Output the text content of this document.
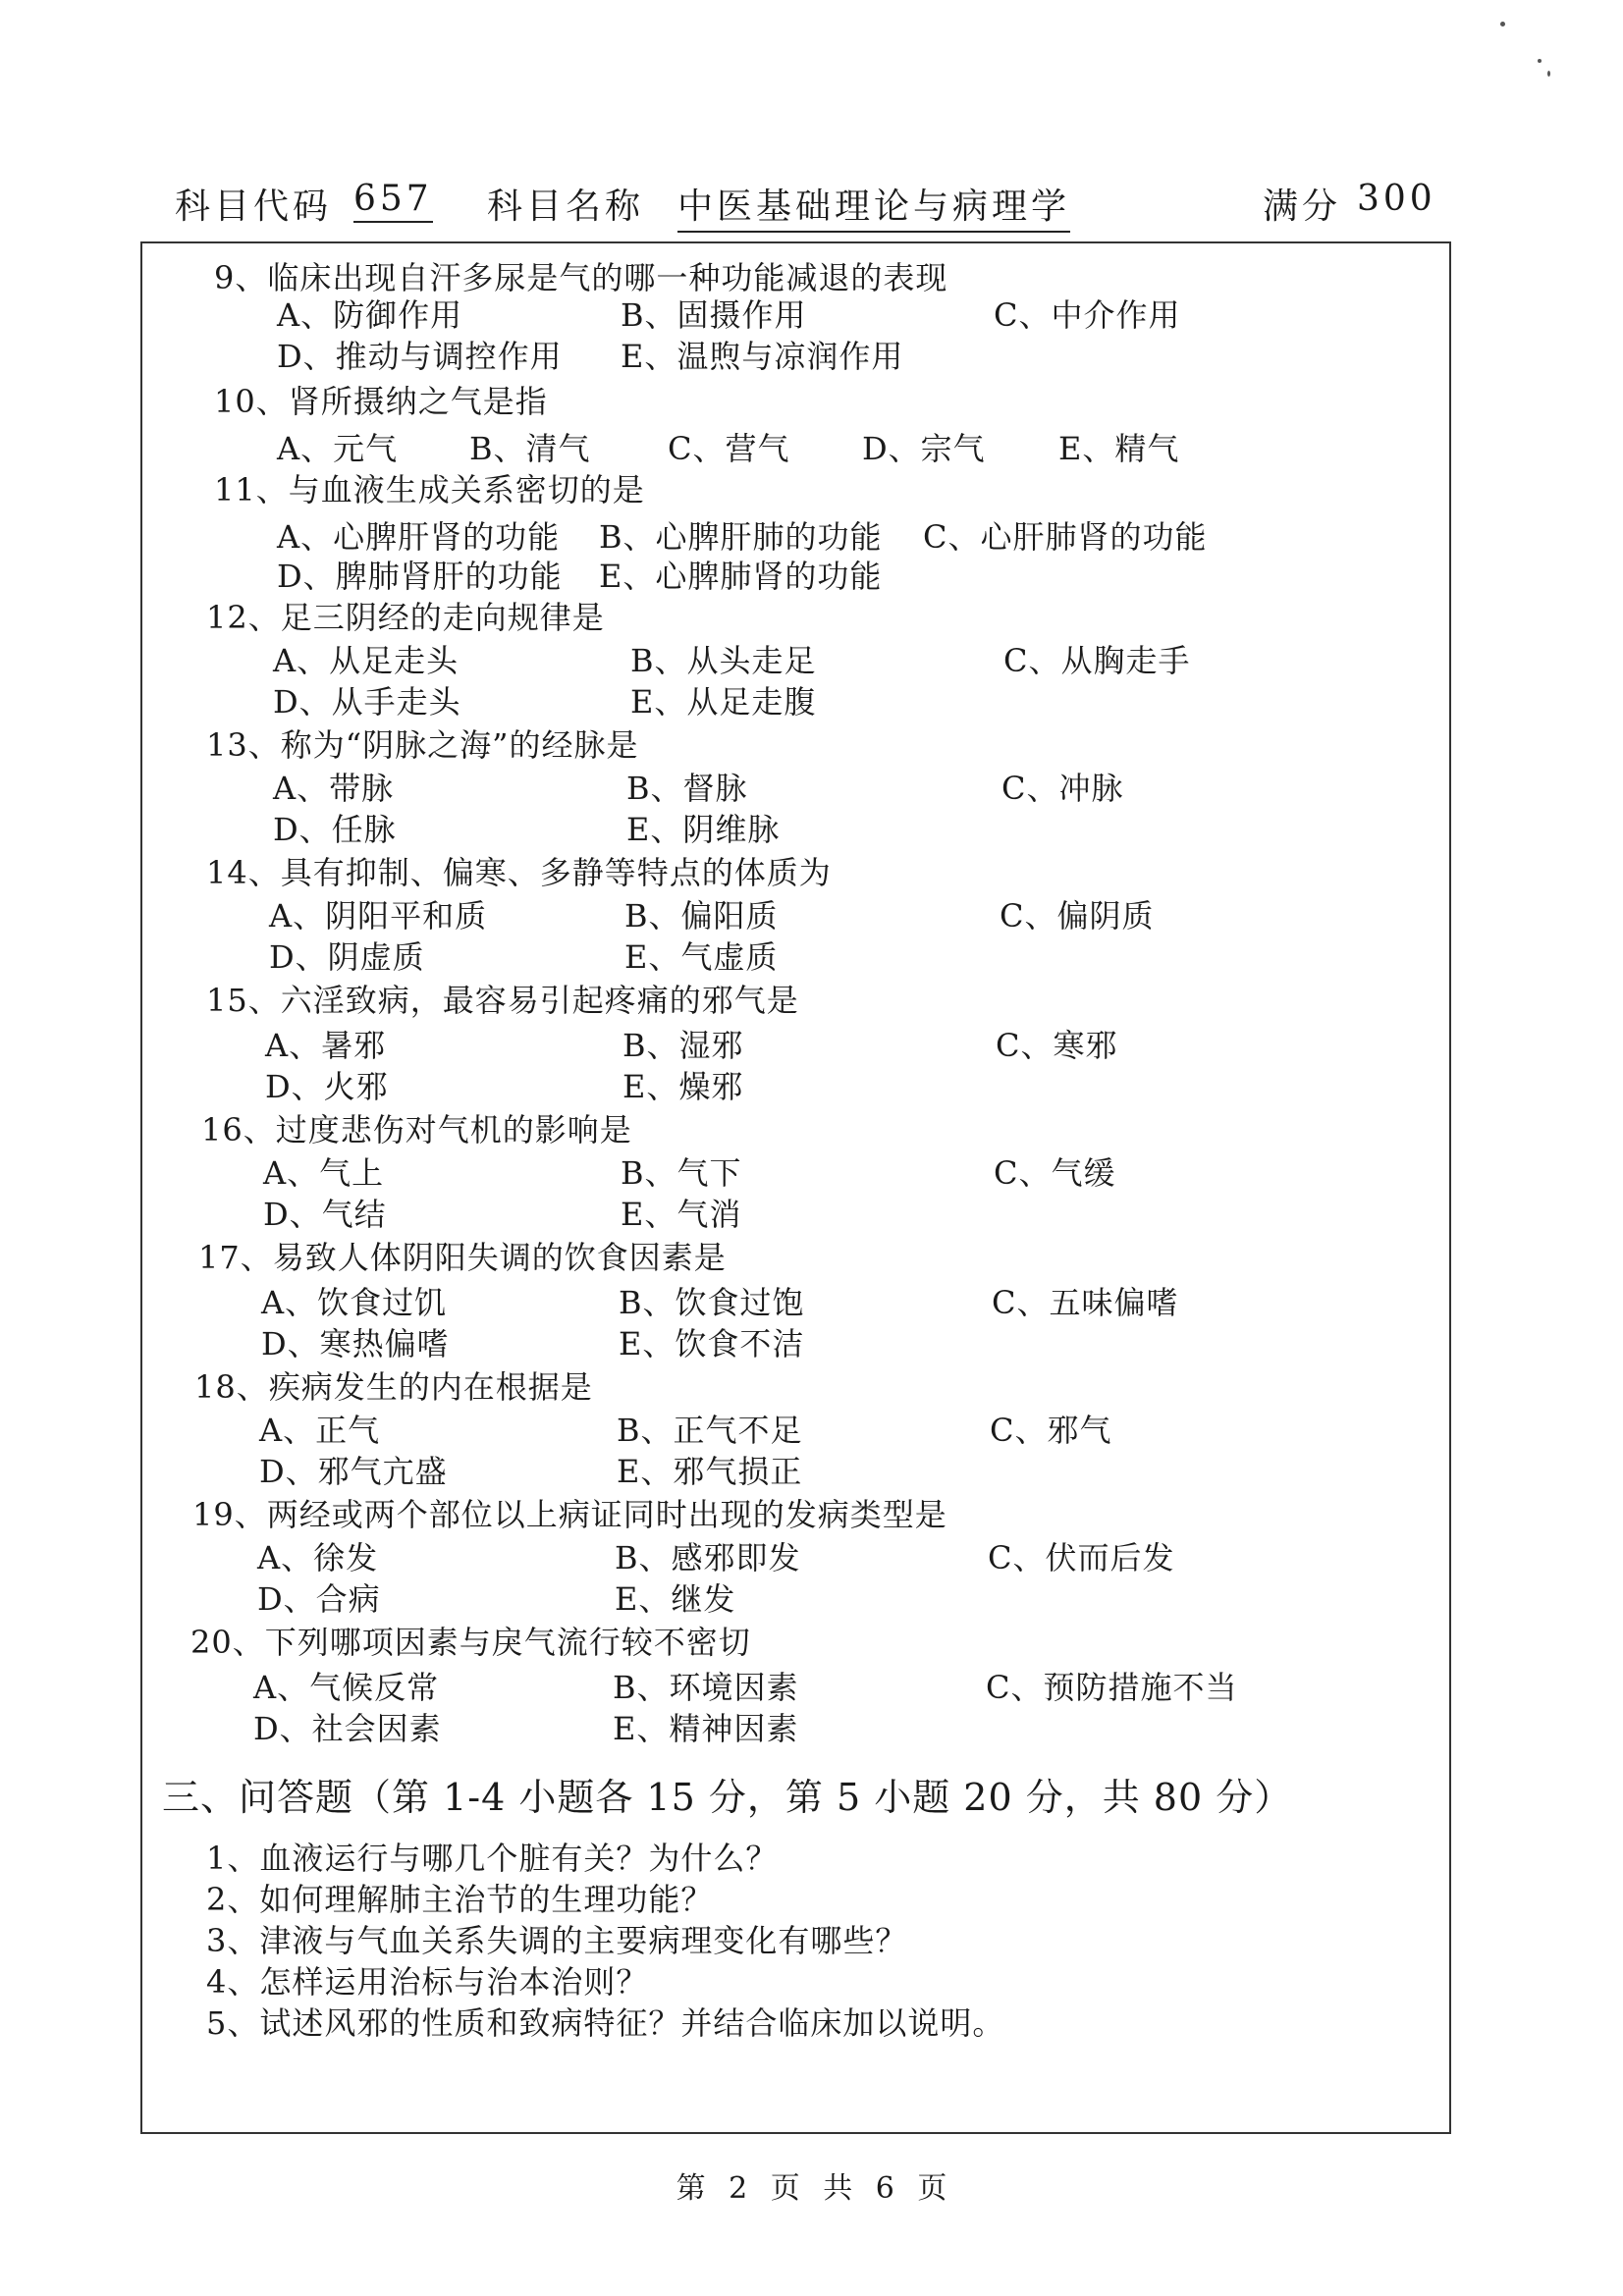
科目代码 657 科目名称 中医基础理论与病理学	满分 300
9、临床出现自汗多尿是气的哪一种功能减退的表现
A、防御作用	B、固摄作用	C、中介作用
D、推动与调控作用 E、温煦与凉润作用
10、肾所摄纳之气是指
A、元气 B、清气 C、营气 D、宗气 E、精气
11、与血液生成关系密切的是
A、心脾肝肾的功能 B、心脾肝肺的功能 C、心肝肺肾的功能
D、脾肺肾肝的功能 E、心脾肺肾的功能
12、足三阴经的走向规律是
A、从足走头	B、从头走足	C、从胸走手
D、从手走头	E、从足走腹
13、称为“阴脉之海”的经脉是
A、带脉	B、督脉	C、冲脉
D、任脉	E、阴维脉
14、具有抑制、偏寒、多静等特点的体质为
A、阴阳平和质	B、偏阳质	C、偏阴质
D、阴虚质	E、气虚质
15、六淫致病，最容易引起疼痛的邪气是
A、暑邪	B、湿邪	C、寒邪
D、火邪	E、燥邪
16、过度悲伤对气机的影响是
A、气上	B、气下	C、气缓
D、气结	E、气消
17、易致人体阴阳失调的饮食因素是
A、饮食过饥	B、饮食过饱	C、五味偏嗜
D、寒热偏嗜	E、饮食不洁
18、疾病发生的内在根据是
A、正气	B、正气不足	C、邪气
D、邪气亢盛	E、邪气损正
19、两经或两个部位以上病证同时出现的发病类型是
A、徐发	B、感邪即发	C、伏而后发
D、合病	E、继发
20、下列哪项因素与戾气流行较不密切
A、气候反常	B、环境因素	C、预防措施不当
D、社会因素	E、精神因素
三、问答题（第 1-4 小题各 15 分，第 5 小题 20 分，共 80 分）
1、血液运行与哪几个脏有关？为什么？
2、如何理解肺主治节的生理功能？
3、津液与气血关系失调的主要病理变化有哪些？
4、怎样运用治标与治本治则？
5、试述风邪的性质和致病特征？并结合临床加以说明。
第 2 页 共 6 页
